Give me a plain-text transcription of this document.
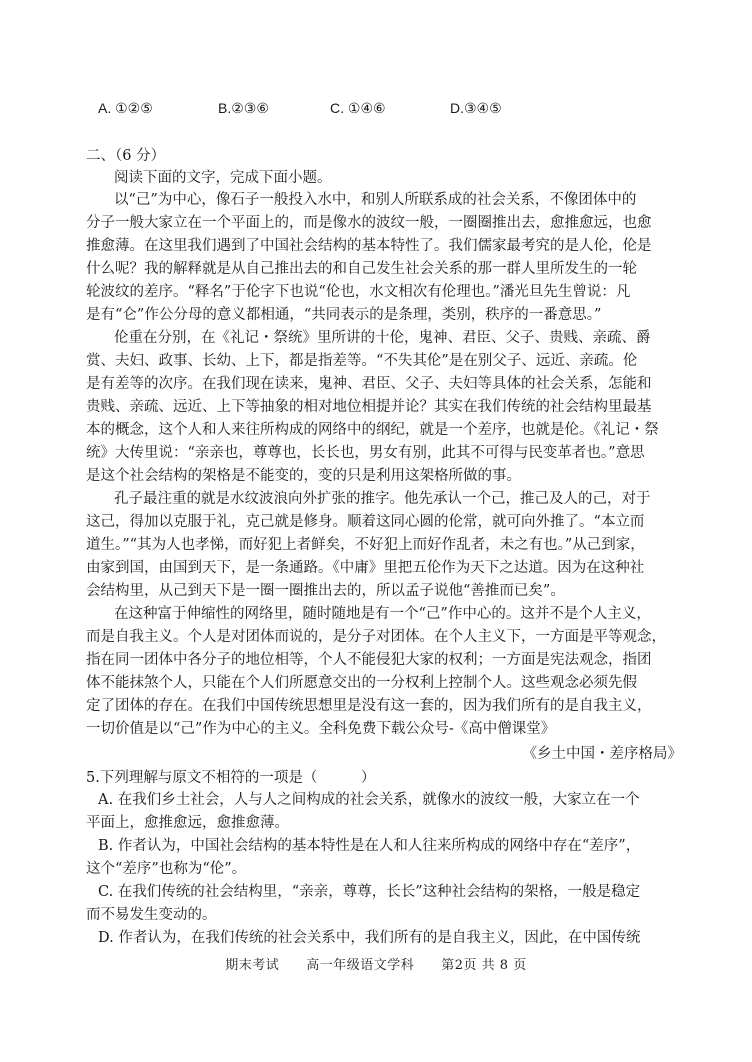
A. ①②⑤	B.②③⑥	C. ①④⑥	D.③④⑤
二、（6 分）
阅读下面的文字，完成下面小题。
以“己”为中心，像石子一般投入水中，和别人所联系成的社会关系，不像团体中的
分子一般大家立在一个平面上的，而是像水的波纹一般，一圈圈推出去，愈推愈远，也愈
推愈薄。在这里我们遇到了中国社会结构的基本特性了。我们儒家最考究的是人伦，伦是
什么呢？我的解释就是从自己推出去的和自己发生社会关系的那一群人里所发生的一轮
轮波纹的差序。“释名”于伦字下也说“伦也，水文相次有伦理也。”潘光旦先生曾说：凡
是有“仑”作公分母的意义都相通，“共同表示的是条理，类别，秩序的一番意思。”
伦重在分别，在《礼记・祭统》里所讲的十伦，鬼神、君臣、父子、贵贱、亲疏、爵
赏、夫妇、政事、长幼、上下，都是指差等。“不失其伦”是在别父子、远近、亲疏。伦
是有差等的次序。在我们现在读来，鬼神、君臣、父子、夫妇等具体的社会关系，怎能和
贵贱、亲疏、远近、上下等抽象的相对地位相提并论？其实在我们传统的社会结构里最基
本的概念，这个人和人来往所构成的网络中的纲纪，就是一个差序，也就是伦。《礼记・祭
统》大传里说：“亲亲也，尊尊也，长长也，男女有别，此其不可得与民变革者也。”意思
是这个社会结构的架格是不能变的，变的只是利用这架格所做的事。
孔子最注重的就是水纹波浪向外扩张的推字。他先承认一个己，推己及人的己，对于
这己，得加以克服于礼，克己就是修身。顺着这同心圆的伦常，就可向外推了。“本立而
道生。”“其为人也孝悌，而好犯上者鲜矣，不好犯上而好作乱者，未之有也。”从己到家，
由家到国，由国到天下，是一条通路。《中庸》里把五伦作为天下之达道。因为在这种社
会结构里，从己到天下是一圈一圈推出去的，所以孟子说他“善推而已矣”。
在这种富于伸缩性的网络里，随时随地是有一个“己”作中心的。这并不是个人主义，
而是自我主义。个人是对团体而说的，是分子对团体。在个人主义下，一方面是平等观念，
指在同一团体中各分子的地位相等，个人不能侵犯大家的权利；一方面是宪法观念，指团
体不能抹煞个人，只能在个人们所愿意交出的一分权利上控制个人。这些观念必须先假
定了团体的存在。在我们中国传统思想里是没有这一套的，因为我们所有的是自我主义，
一切价值是以“己”作为中心的主义。全科免费下载公众号-《高中僧课堂》
《乡土中国・差序格局》
5.下列理解与原文不相符的一项是（　　　）
A. 在我们乡土社会，人与人之间构成的社会关系，就像水的波纹一般，大家立在一个
平面上，愈推愈远，愈推愈薄。
B. 作者认为，中国社会结构的基本特性是在人和人往来所构成的网络中存在“差序”，
这个“差序”也称为“伦”。
C. 在我们传统的社会结构里，“亲亲，尊尊，长长”这种社会结构的架格，一般是稳定
而不易发生变动的。
D. 作者认为，在我们传统的社会关系中，我们所有的是自我主义，因此，在中国传统
期末考试　　高一年级语文学科　　第2页 共 8 页
